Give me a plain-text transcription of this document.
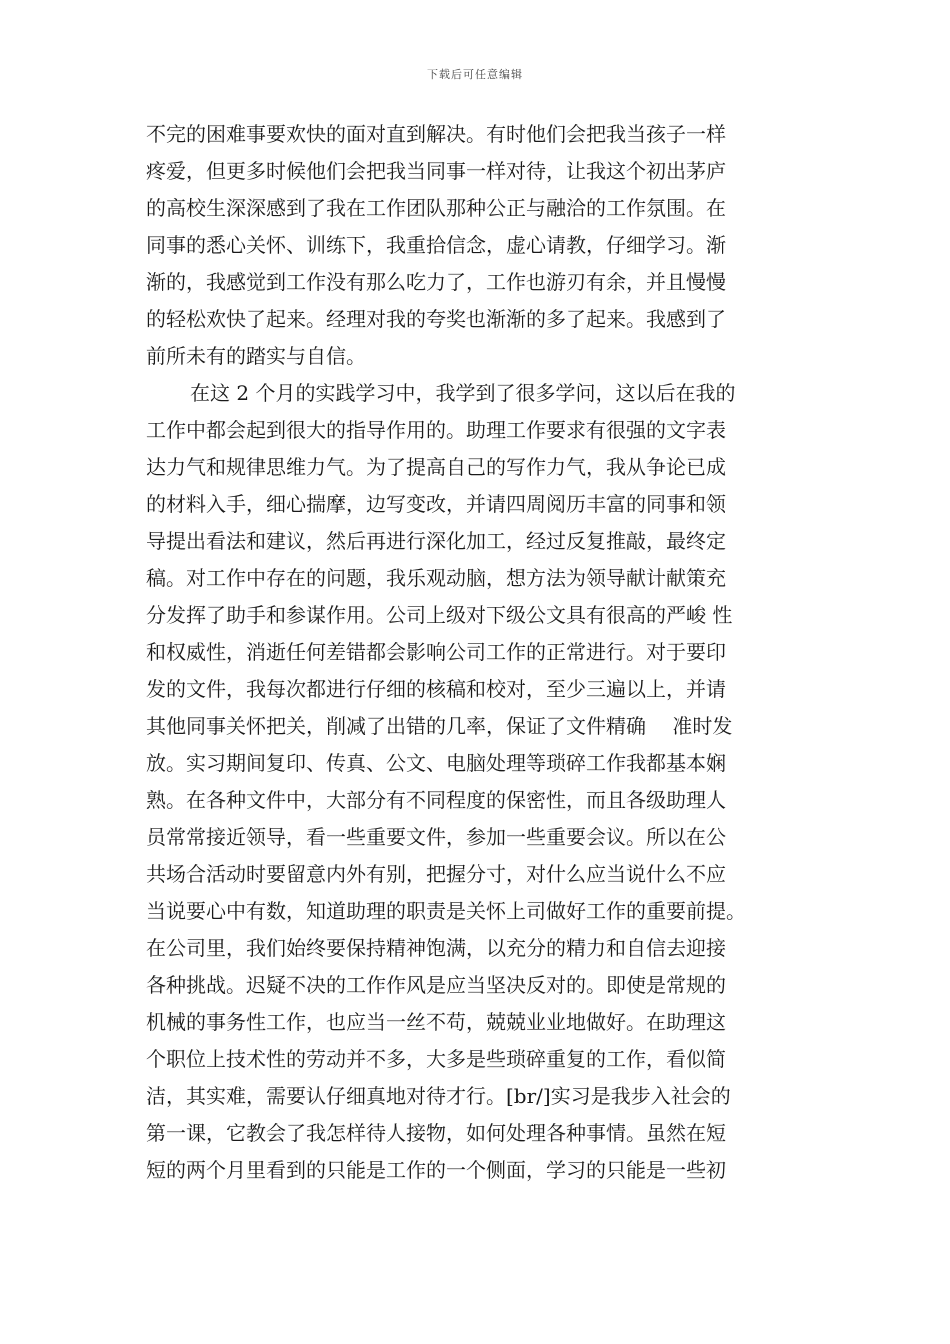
下载后可任意编辑
不完的困难事要欢快的面对直到解决。有时他们会把我当孩子一样
疼爱，但更多时候他们会把我当同事一样对待，让我这个初出茅庐
的高校生深深感到了我在工作团队那种公正与融洽的工作氛围。在
同事的悉心关怀、训练下，我重拾信念，虚心请教，仔细学习。渐
渐的，我感觉到工作没有那么吃力了，工作也游刃有余，并且慢慢
的轻松欢快了起来。经理对我的夸奖也渐渐的多了起来。我感到了
前所未有的踏实与自信。
在这 2 个月的实践学习中，我学到了很多学问，这以后在我的
工作中都会起到很大的指导作用的。助理工作要求有很强的文字表
达力气和规律思维力气。为了提高自己的写作力气，我从争论已成
的材料入手，细心揣摩，边写变改，并请四周阅历丰富的同事和领
导提出看法和建议，然后再进行深化加工，经过反复推敲，最终定
稿。对工作中存在的问题，我乐观动脑，想方法为领导献计献策充
分发挥了助手和参谋作用。公司上级对下级公文具有很高的严峻 性
和权威性，消逝任何差错都会影响公司工作的正常进行。对于要印
发的文件，我每次都进行仔细的核稿和校对，至少三遍以上，并请
其他同事关怀把关，削减了出错的几率，保证了文件精确　 准时发
放。实习期间复印、传真、公文、电脑处理等琐碎工作我都基本娴
熟。在各种文件中，大部分有不同程度的保密性，而且各级助理人
员常常接近领导，看一些重要文件，参加一些重要会议。所以在公
共场合活动时要留意内外有别，把握分寸，对什么应当说什么不应
当说要心中有数，知道助理的职责是关怀上司做好工作的重要前提。
在公司里，我们始终要保持精神饱满，以充分的精力和自信去迎接
各种挑战。迟疑不决的工作作风是应当坚决反对的。即使是常规的
机械的事务性工作，也应当一丝不苟，兢兢业业地做好。在助理这
个职位上技术性的劳动并不多，大多是些琐碎重复的工作，看似简
洁，其实难，需要认仔细真地对待才行。[br/]实习是我步入社会的
第一课，它教会了我怎样待人接物，如何处理各种事情。虽然在短
短的两个月里看到的只能是工作的一个侧面，学习的只能是一些初
